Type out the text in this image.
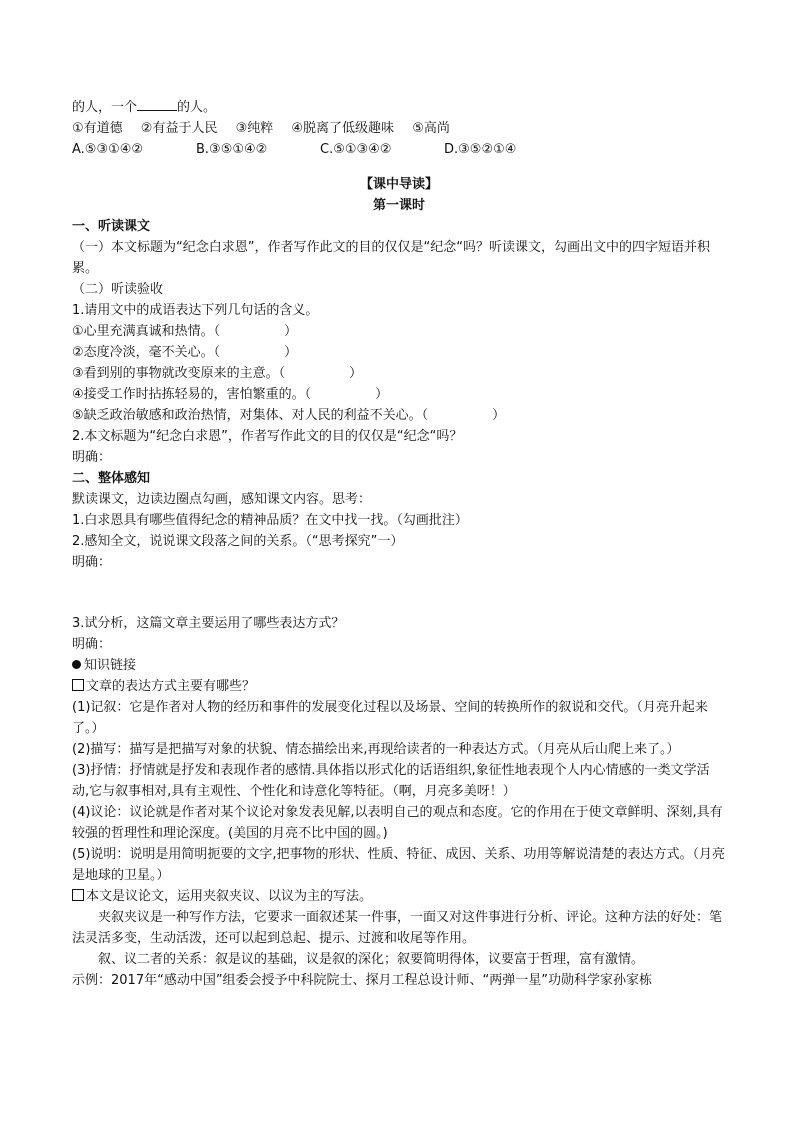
的人，一个	的人。
①有道德 ②有益于人民 ③纯粹 ④脱离了低级趣味 ⑤高尚
A.⑤③①④②	B.③⑤①④②	C.⑤①③④②	D.③⑤②①④
【课中导读】
第一课时
一、听读课文
（一）本文标题为“纪念白求恩”，作者写作此文的目的仅仅是“纪念“吗？听读课文，勾画出文中的四字短语并积累。
（二）听读验收
1.请用文中的成语表达下列几句话的含义。
①心里充满真诚和热情。（	）
②态度冷淡，毫不关心。（	）
③看到别的事物就改变原来的主意。（	）
④接受工作时拈拣轻易的，害怕繁重的。（	）
⑤缺乏政治敏感和政治热情，对集体、对人民的利益不关心。（	）
2.本文标题为“纪念白求恩”，作者写作此文的目的仅仅是“纪念“吗？
明确：
二、整体感知
默读课文，边读边圈点勾画，感知课文内容。思考：
1.白求恩具有哪些值得纪念的精神品质？在文中找一找。（勾画批注）
2.感知全文，说说课文段落之间的关系。（“思考探究”一）
明确：
3.试分析，这篇文章主要运用了哪些表达方式？
明确：
知识链接
文章的表达方式主要有哪些？
(1)记叙：它是作者对人物的经历和事件的发展变化过程以及场景、空间的转换所作的叙说和交代。（月亮升起来了。）
(2)描写：描写是把描写对象的状貌、情态描绘出来,再现给读者的一种表达方式。（月亮从后山爬上来了。）
(3)抒情：抒情就是抒发和表现作者的感情.具体指以形式化的话语组织,象征性地表现个人内心情感的一类文学活动,它与叙事相对,具有主观性、个性化和诗意化等特征。（啊，月亮多美呀！）
(4)议论：议论就是作者对某个议论对象发表见解,以表明自己的观点和态度。它的作用在于使文章鲜明、深刻,具有较强的哲理性和理论深度。(美国的月亮不比中国的圆。)
(5)说明：说明是用简明扼要的文字,把事物的形状、性质、特征、成因、关系、功用等解说清楚的表达方式。（月亮是地球的卫星。）
本文是议论文，运用夹叙夹议、以议为主的写法。
夹叙夹议是一种写作方法，它要求一面叙述某一件事，一面又对这件事进行分析、评论。这种方法的好处：笔法灵活多变，生动活泼，还可以起到总起、提示、过渡和收尾等作用。
叙、议二者的关系：叙是议的基础，议是叙的深化；叙要简明得体，议要富于哲理，富有激情。
示例：2017年“感动中国”组委会授予中科院院士、探月工程总设计师、“两弹一星”功勋科学家孙家栋
